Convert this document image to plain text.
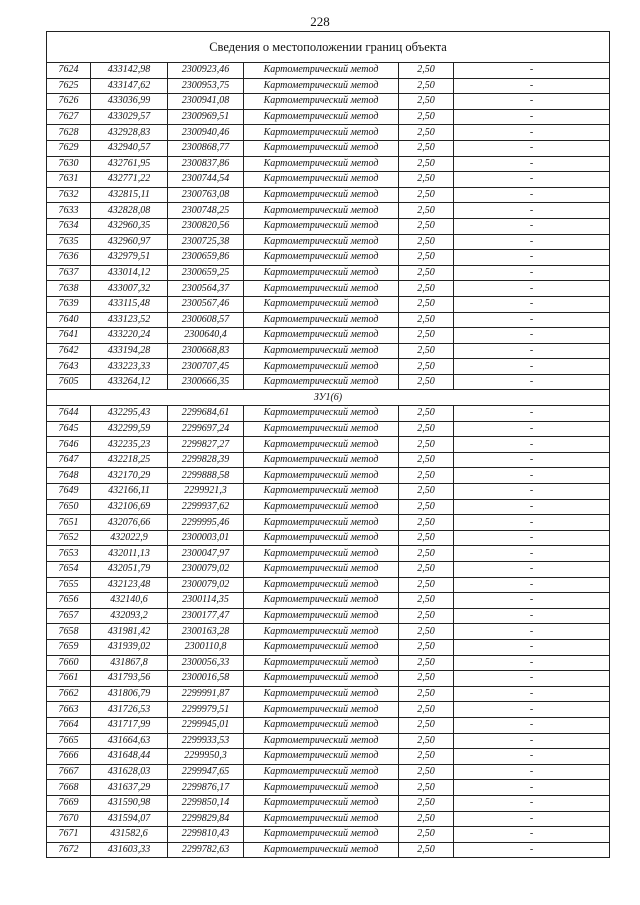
228
Сведения о местоположении границ объекта					
7624	433142,98	2300923,46	Картометрический метод	2,50	-
7625	433147,62	2300953,75	Картометрический метод	2,50	-
7626	433036,99	2300941,08	Картометрический метод	2,50	-
7627	433029,57	2300969,51	Картометрический метод	2,50	-
7628	432928,83	2300940,46	Картометрический метод	2,50	-
7629	432940,57	2300868,77	Картометрический метод	2,50	-
7630	432761,95	2300837,86	Картометрический метод	2,50	-
7631	432771,22	2300744,54	Картометрический метод	2,50	-
7632	432815,11	2300763,08	Картометрический метод	2,50	-
7633	432828,08	2300748,25	Картометрический метод	2,50	-
7634	432960,35	2300820,56	Картометрический метод	2,50	-
7635	432960,97	2300725,38	Картометрический метод	2,50	-
7636	432979,51	2300659,86	Картометрический метод	2,50	-
7637	433014,12	2300659,25	Картометрический метод	2,50	-
7638	433007,32	2300564,37	Картометрический метод	2,50	-
7639	433115,48	2300567,46	Картометрический метод	2,50	-
7640	433123,52	2300608,57	Картометрический метод	2,50	-
7641	433220,24	2300640,4	Картометрический метод	2,50	-
7642	433194,28	2300668,83	Картометрический метод	2,50	-
7643	433223,33	2300707,45	Картометрический метод	2,50	-
7605	433264,12	2300666,35	Картометрический метод	2,50	-
ЗУ1(6)					
7644	432295,43	2299684,61	Картометрический метод	2,50	-
7645	432299,59	2299697,24	Картометрический метод	2,50	-
7646	432235,23	2299827,27	Картометрический метод	2,50	-
7647	432218,25	2299828,39	Картометрический метод	2,50	-
7648	432170,29	2299888,58	Картометрический метод	2,50	-
7649	432166,11	2299921,3	Картометрический метод	2,50	-
7650	432106,69	2299937,62	Картометрический метод	2,50	-
7651	432076,66	2299995,46	Картометрический метод	2,50	-
7652	432022,9	2300003,01	Картометрический метод	2,50	-
7653	432011,13	2300047,97	Картометрический метод	2,50	-
7654	432051,79	2300079,02	Картометрический метод	2,50	-
7655	432123,48	2300079,02	Картометрический метод	2,50	-
7656	432140,6	2300114,35	Картометрический метод	2,50	-
7657	432093,2	2300177,47	Картометрический метод	2,50	-
7658	431981,42	2300163,28	Картометрический метод	2,50	-
7659	431939,02	2300110,8	Картометрический метод	2,50	-
7660	431867,8	2300056,33	Картометрический метод	2,50	-
7661	431793,56	2300016,58	Картометрический метод	2,50	-
7662	431806,79	2299991,87	Картометрический метод	2,50	-
7663	431726,53	2299979,51	Картометрический метод	2,50	-
7664	431717,99	2299945,01	Картометрический метод	2,50	-
7665	431664,63	2299933,53	Картометрический метод	2,50	-
7666	431648,44	2299950,3	Картометрический метод	2,50	-
7667	431628,03	2299947,65	Картометрический метод	2,50	-
7668	431637,29	2299876,17	Картометрический метод	2,50	-
7669	431590,98	2299850,14	Картометрический метод	2,50	-
7670	431594,07	2299829,84	Картометрический метод	2,50	-
7671	431582,6	2299810,43	Картометрический метод	2,50	-
7672	431603,33	2299782,63	Картометрический метод	2,50	-
